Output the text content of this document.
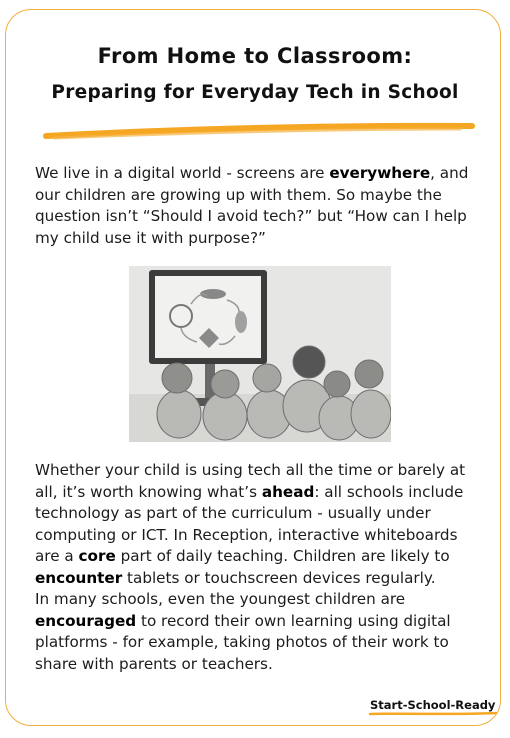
From Home to Classroom:
Preparing for Everyday Tech in School
We live in a digital world - screens are everywhere, and our children are growing up with them. So maybe the question isn’t “Should I avoid tech?” but “How can I help my child use it with purpose?”
Whether your child is using tech all the time or barely at all, it’s worth knowing what’s ahead: all schools include technology as part of the curriculum - usually under computing or ICT. In Reception, interactive whiteboards are a core part of daily teaching. Children are likely to encounter tablets or touchscreen devices regularly.
In many schools, even the youngest children are encouraged to record their own learning using digital platforms - for example, taking photos of their work to share with parents or teachers.
Start-School-Ready
